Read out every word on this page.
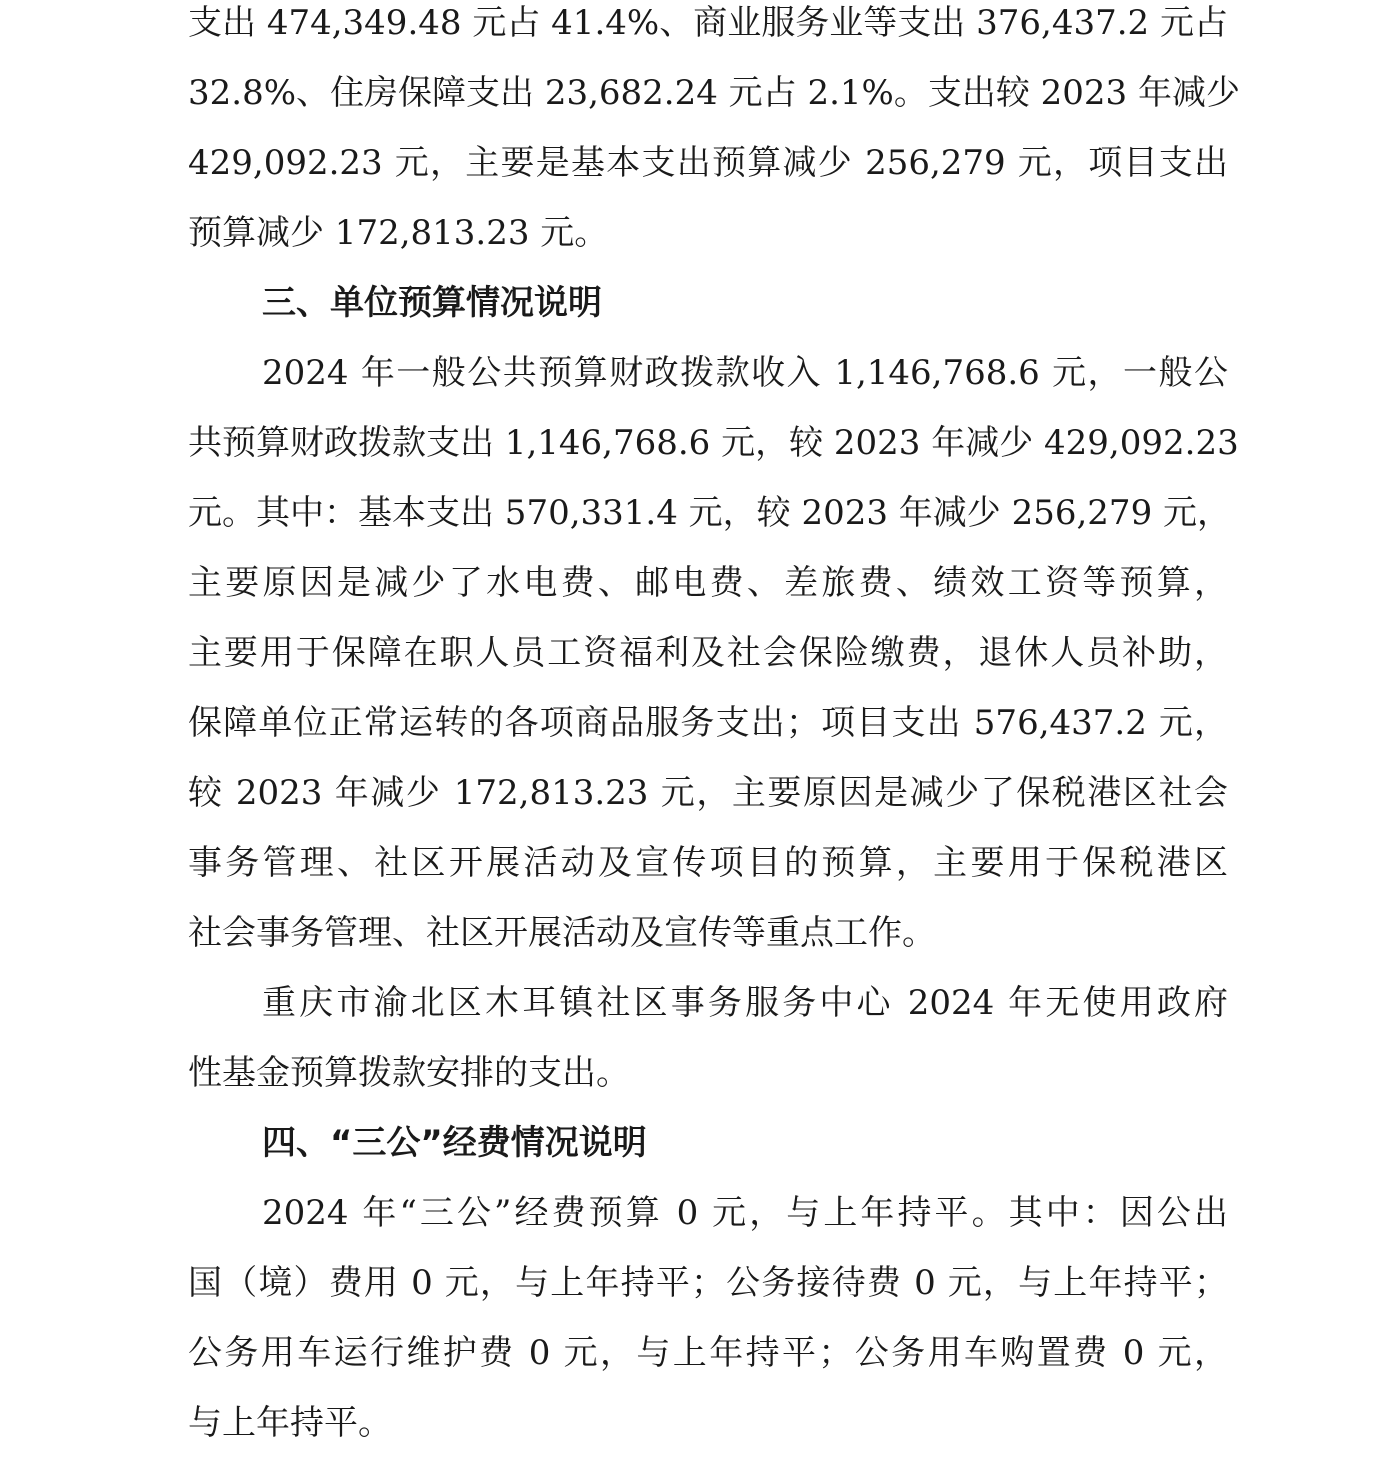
支出 474,349.48 元占 41.4%、商业服务业等支出 376,437.2 元占
32.8%、住房保障支出 23,682.24 元占 2.1%。支出较 2023 年减少
429,092.23 元，主要是基本支出预算减少 256,279 元，项目支出
预算减少 172,813.23 元。
三、单位预算情况说明
2024 年一般公共预算财政拨款收入 1,146,768.6 元，一般公
共预算财政拨款支出 1,146,768.6 元，较 2023 年减少 429,092.23
元。其中：基本支出 570,331.4 元，较 2023 年减少 256,279 元，
主要原因是减少了水电费、邮电费、差旅费、绩效工资等预算，
主要用于保障在职人员工资福利及社会保险缴费，退休人员补助，
保障单位正常运转的各项商品服务支出；项目支出 576,437.2 元，
较 2023 年减少 172,813.23 元，主要原因是减少了保税港区社会
事务管理、社区开展活动及宣传项目的预算，主要用于保税港区
社会事务管理、社区开展活动及宣传等重点工作。
重庆市渝北区木耳镇社区事务服务中心 2024 年无使用政府
性基金预算拨款安排的支出。
四、“三公”经费情况说明
2024 年“三公”经费预算 0 元，与上年持平。其中：因公出
国（境）费用 0 元，与上年持平；公务接待费 0 元，与上年持平；
公务用车运行维护费 0 元，与上年持平；公务用车购置费 0 元，
与上年持平。
